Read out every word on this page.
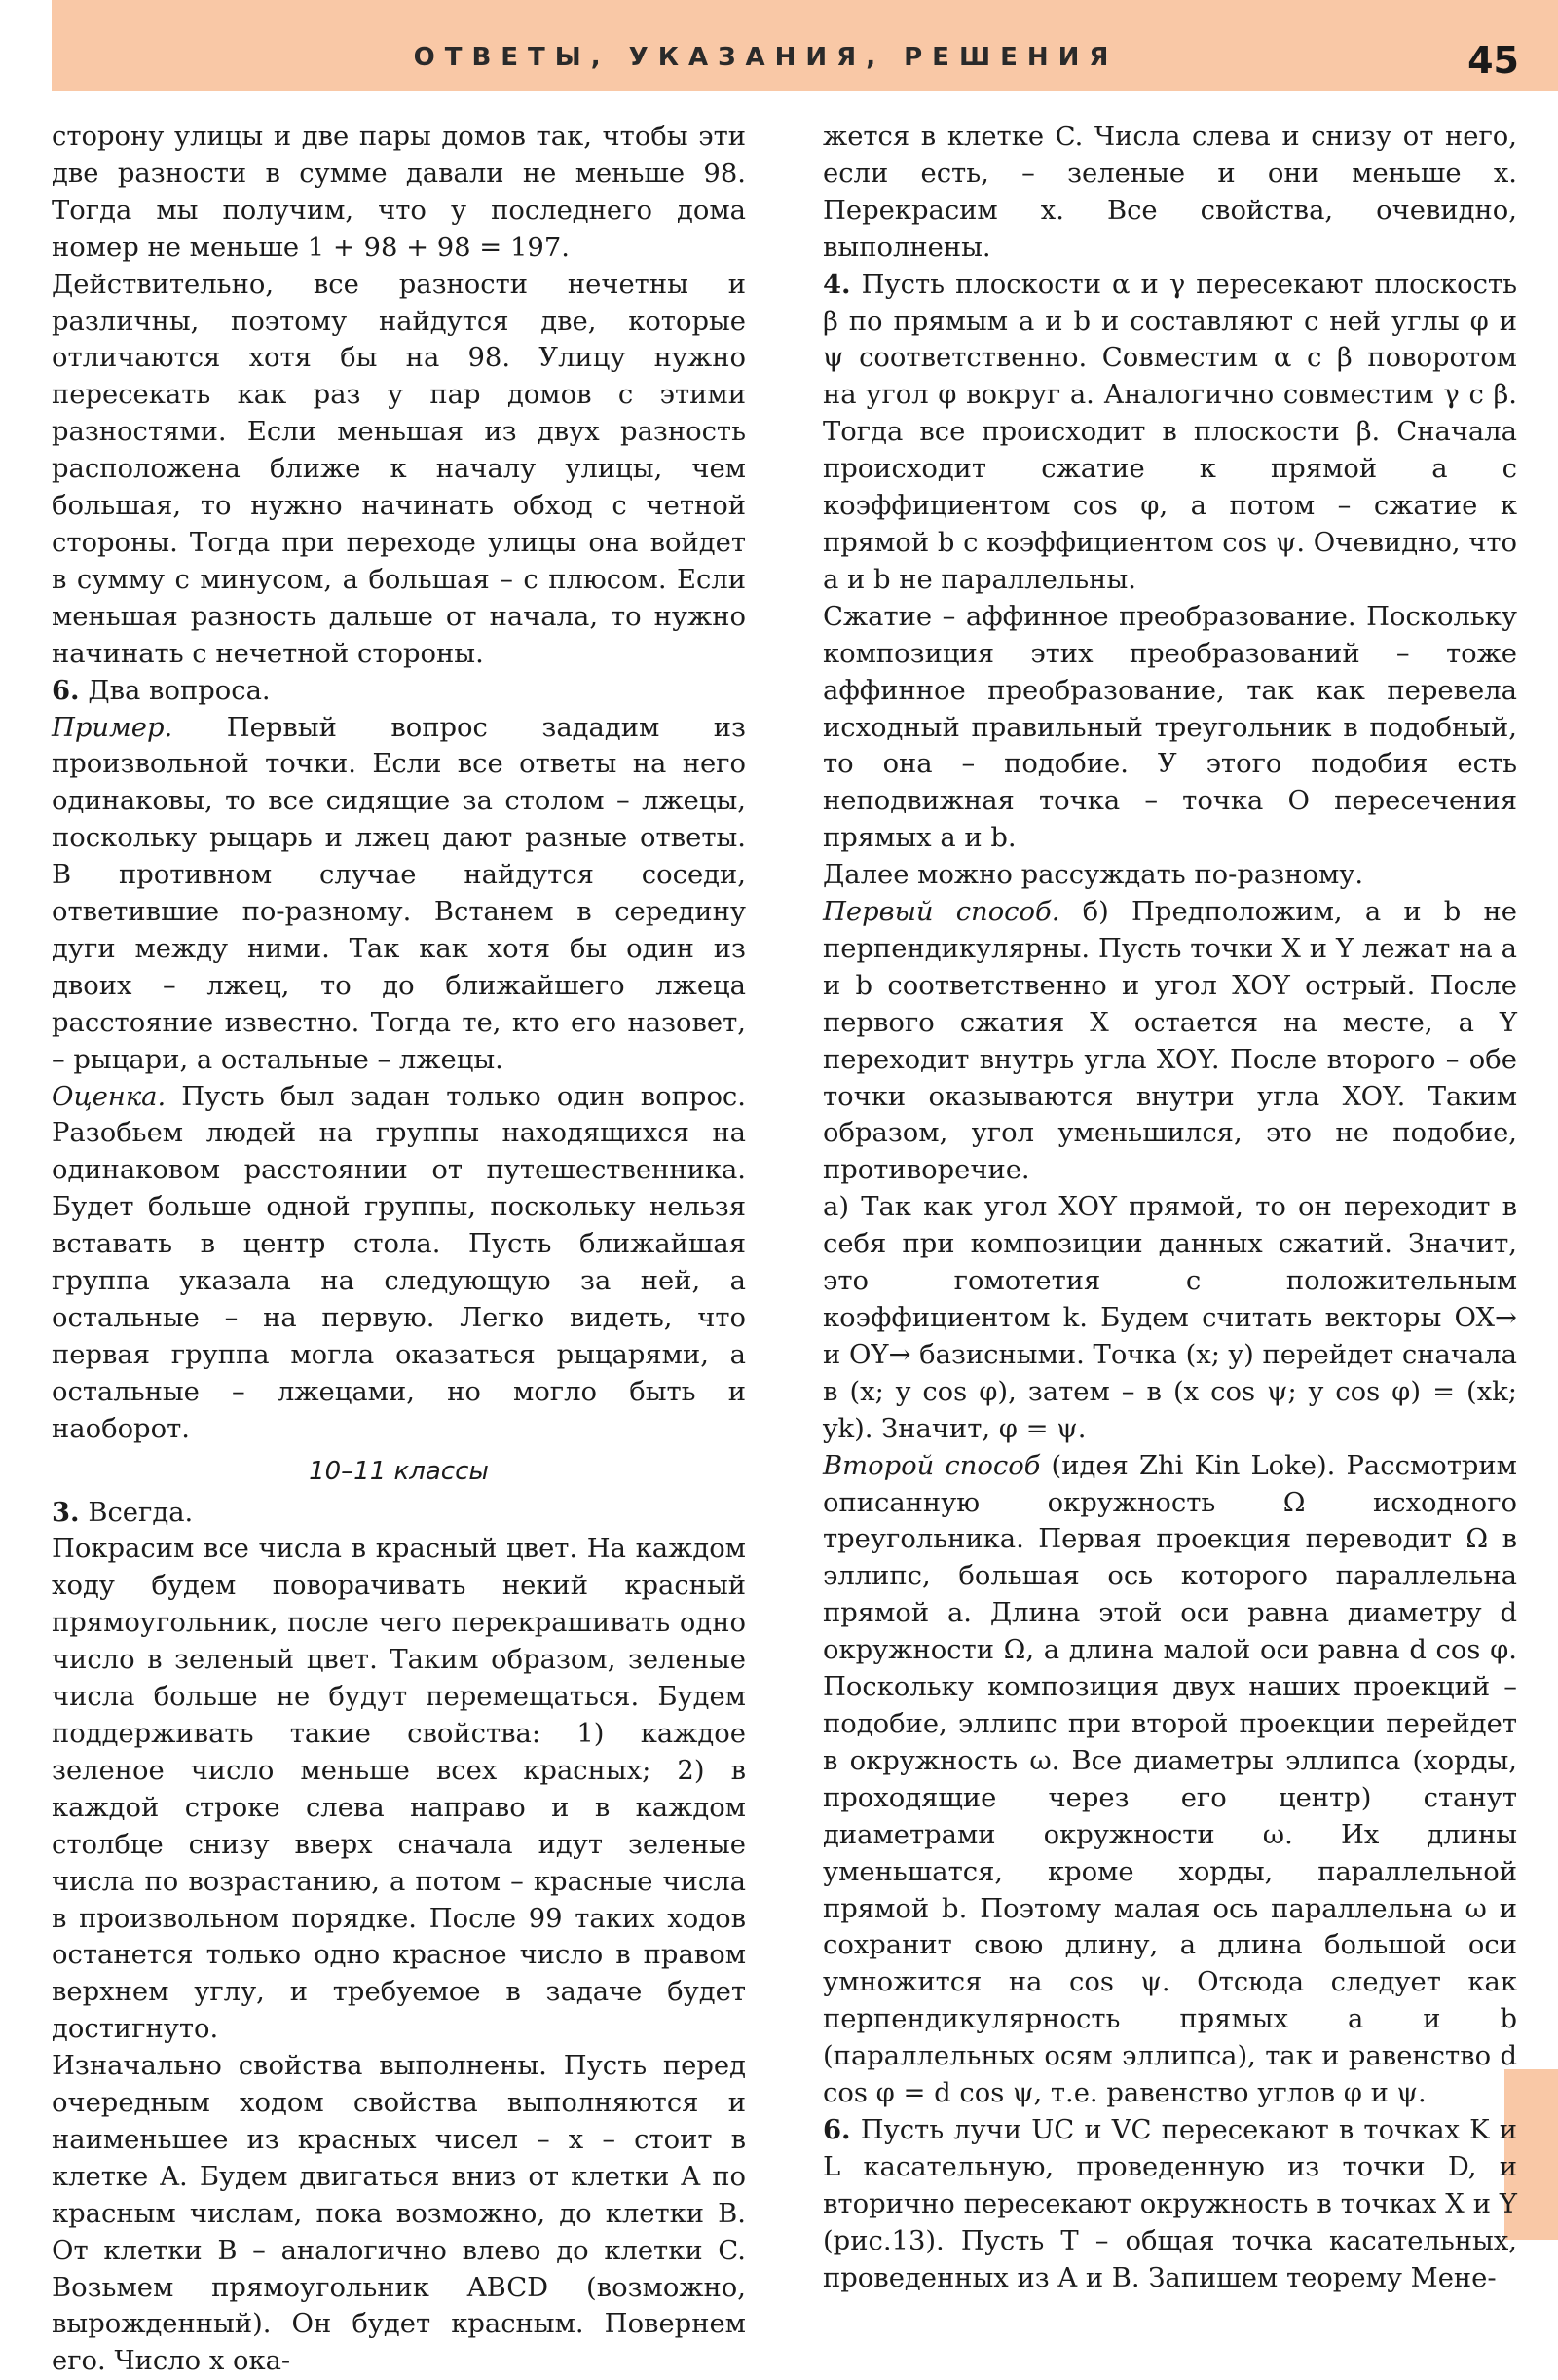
ОТВЕТЫ, УКАЗАНИЯ, РЕШЕНИЯ	45

сторону улицы и две пары домов так, чтобы эти две разности в сумме давали не меньше 98. Тогда мы получим, что у последнего дома номер не меньше 1 + 98 + 98 = 197.

Действительно, все разности нечетны и различны, поэтому найдутся две, которые отличаются хотя бы на 98. Улицу нужно пересекать как раз у пар домов с этими разностями. Если меньшая из двух разность расположена ближе к началу улицы, чем большая, то нужно начинать обход с четной стороны. Тогда при переходе улицы она войдет в сумму с минусом, а большая – с плюсом. Если меньшая разность дальше от начала, то нужно начинать с нечетной стороны.

6. Два вопроса.

Пример. Первый вопрос зададим из произвольной точки. Если все ответы на него одинаковы, то все сидящие за столом – лжецы, поскольку рыцарь и лжец дают разные ответы. В противном случае найдутся соседи, ответившие по-разному. Встанем в середину дуги между ними. Так как хотя бы один из двоих – лжец, то до ближайшего лжеца расстояние известно. Тогда те, кто его назовет, – рыцари, а остальные – лжецы.

Оценка. Пусть был задан только один вопрос. Разобьем людей на группы находящихся на одинаковом расстоянии от путешественника. Будет больше одной группы, поскольку нельзя вставать в центр стола. Пусть ближайшая группа указала на следующую за ней, а остальные – на первую. Легко видеть, что первая группа могла оказаться рыцарями, а остальные – лжецами, но могло быть и наоборот.

10–11 классы

3. Всегда.

Покрасим все числа в красный цвет. На каждом ходу будем поворачивать некий красный прямоугольник, после чего перекрашивать одно число в зеленый цвет. Таким образом, зеленые числа больше не будут перемещаться. Будем поддерживать такие свойства: 1) каждое зеленое число меньше всех красных; 2) в каждой строке слева направо и в каждом столбце снизу вверх сначала идут зеленые числа по возрастанию, а потом – красные числа в произвольном порядке. После 99 таких ходов останется только одно красное число в правом верхнем углу, и требуемое в задаче будет достигнуто.

Изначально свойства выполнены. Пусть перед очередным ходом свойства выполняются и наименьшее из красных чисел – x – стоит в клетке A. Будем двигаться вниз от клетки A по красным числам, пока возможно, до клетки B. От клетки B – аналогично влево до клетки C. Возьмем прямоугольник ABCD (возможно, вырожденный). Он будет красным. Повернем его. Число x ока-

жется в клетке C. Числа слева и снизу от него, если есть, – зеленые и они меньше x. Перекрасим x. Все свойства, очевидно, выполнены.

4. Пусть плоскости α и γ пересекают плоскость β по прямым a и b и составляют с ней углы φ и ψ соответственно. Совместим α с β поворотом на угол φ вокруг a. Аналогично совместим γ с β. Тогда все происходит в плоскости β. Сначала происходит сжатие к прямой a с коэффициентом cos φ, а потом – сжатие к прямой b с коэффициентом cos ψ. Очевидно, что a и b не параллельны.

Сжатие – аффинное преобразование. Поскольку композиция этих преобразований – тоже аффинное преобразование, так как перевела исходный правильный треугольник в подобный, то она – подобие. У этого подобия есть неподвижная точка – точка O пересечения прямых a и b.

Далее можно рассуждать по-разному.

Первый способ. б) Предположим, a и b не перпендикулярны. Пусть точки X и Y лежат на a и b соответственно и угол XOY острый. После первого сжатия X остается на месте, а Y переходит внутрь угла XOY. После второго – обе точки оказываются внутри угла XOY. Таким образом, угол уменьшился, это не подобие, противоречие.

а) Так как угол XOY прямой, то он переходит в себя при композиции данных сжатий. Значит, это гомотетия с положительным коэффициентом k. Будем считать векторы OX→ и OY→ базисными. Точка (x; y) перейдет сначала в (x; y cos φ), затем – в (x cos ψ; y cos φ) = (xk; yk). Значит, φ = ψ.

Второй способ (идея Zhi Kin Loke). Рассмотрим описанную окружность Ω исходного треугольника. Первая проекция переводит Ω в эллипс, большая ось которого параллельна прямой a. Длина этой оси равна диаметру d окружности Ω, а длина малой оси равна d cos φ. Поскольку композиция двух наших проекций – подобие, эллипс при второй проекции перейдет в окружность ω. Все диаметры эллипса (хорды, проходящие через его центр) станут диаметрами окружности ω. Их длины уменьшатся, кроме хорды, параллельной прямой b. Поэтому малая ось параллельна ω и сохранит свою длину, а длина большой оси умножится на cos ψ. Отсюда следует как перпендикулярность прямых a и b (параллельных осям эллипса), так и равенство d cos φ = d cos ψ, т.е. равенство углов φ и ψ.

6. Пусть лучи UC и VC пересекают в точках K и L касательную, проведенную из точки D, и вторично пересекают окружность в точках X и Y (рис.13). Пусть T – общая точка касательных, проведенных из A и B. Запишем теорему Мене-
